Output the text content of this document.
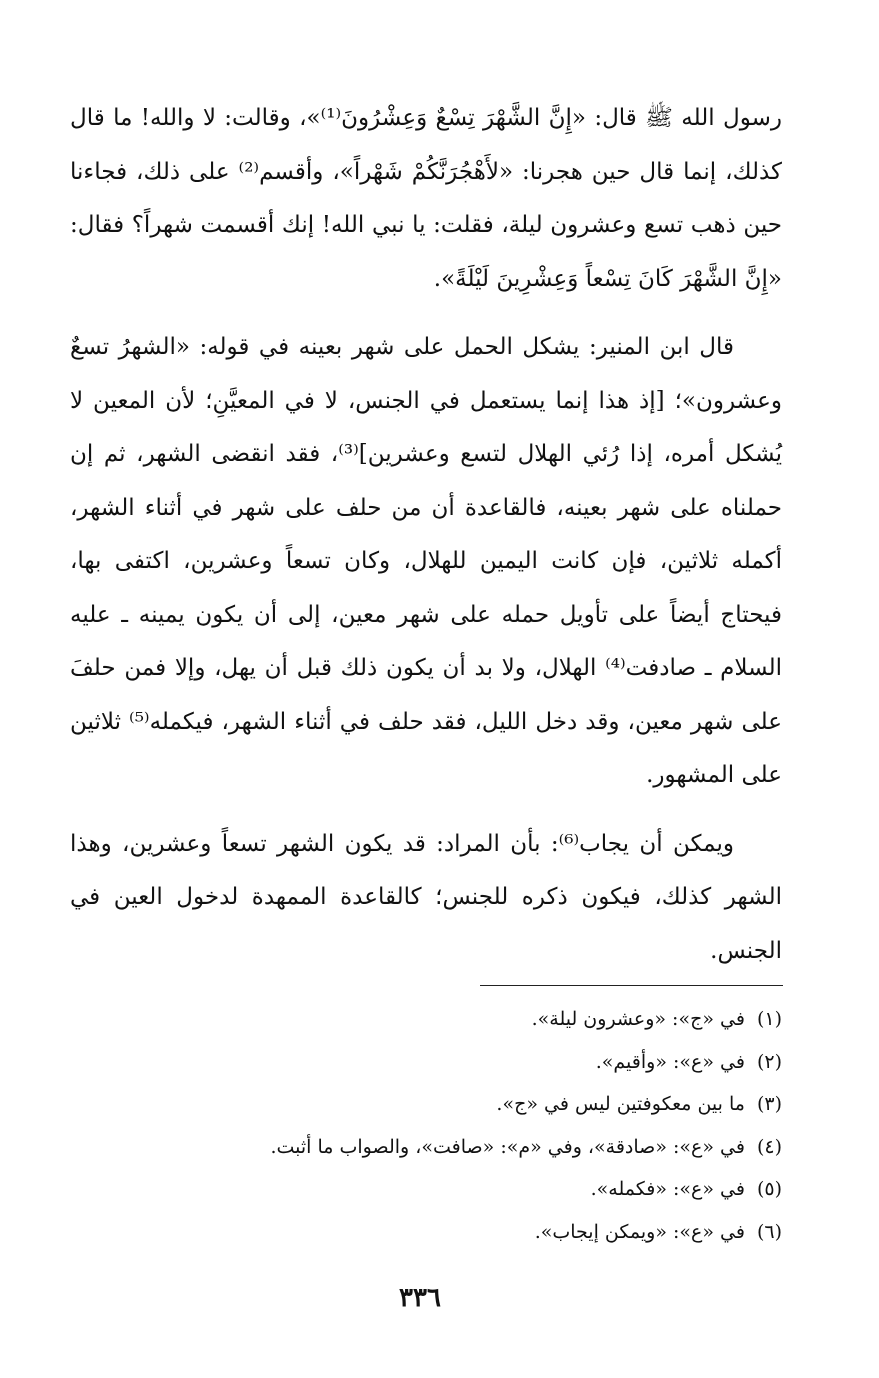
رسول الله ﷺ قال: «إِنَّ الشَّهْرَ تِسْعٌ وَعِشْرُونَ⁽¹⁾»، وقالت: لا والله! ما قال كذلك، إنما قال حين هجرنا: «لأَهْجُرَنَّكُمْ شَهْراً»، وأقسم⁽²⁾ على ذلك، فجاءنا حين ذهب تسع وعشرون ليلة، فقلت: يا نبي الله! إنك أقسمت شهراً؟ فقال: «إِنَّ الشَّهْرَ كَانَ تِسْعاً وَعِشْرِينَ لَيْلَةً».

قال ابن المنير: يشكل الحمل على شهر بعينه في قوله: «الشهرُ تسعٌ وعشرون»؛ [إذ هذا إنما يستعمل في الجنس، لا في المعيَّنِ؛ لأن المعين لا يُشكل أمره، إذا رُئي الهلال لتسع وعشرين]⁽³⁾، فقد انقضى الشهر، ثم إن حملناه على شهر بعينه، فالقاعدة أن من حلف على شهر في أثناء الشهر، أكمله ثلاثين، فإن كانت اليمين للهلال، وكان تسعاً وعشرين، اكتفى بها، فيحتاج أيضاً على تأويل حمله على شهر معين، إلى أن يكون يمينه ـ عليه السلام ـ صادفت⁽⁴⁾ الهلال، ولا بد أن يكون ذلك قبل أن يهل، وإلا فمن حلفَ على شهر معين، وقد دخل الليل، فقد حلف في أثناء الشهر، فيكمله⁽⁵⁾ ثلاثين على المشهور.

ويمكن أن يجاب⁽⁶⁾: بأن المراد: قد يكون الشهر تسعاً وعشرين، وهذا الشهر كذلك، فيكون ذكره للجنس؛ كالقاعدة الممهدة لدخول العين في الجنس.

(١)في «ج»: «وعشرون ليلة».
(٢)في «ع»: «وأقيم».
(٣)ما بين معكوفتين ليس في «ج».
(٤)في «ع»: «صادقة»، وفي «م»: «صافت»، والصواب ما أثبت.
(٥)في «ع»: «فكمله».
(٦)في «ع»: «ويمكن إيجاب».
٣٣٦
